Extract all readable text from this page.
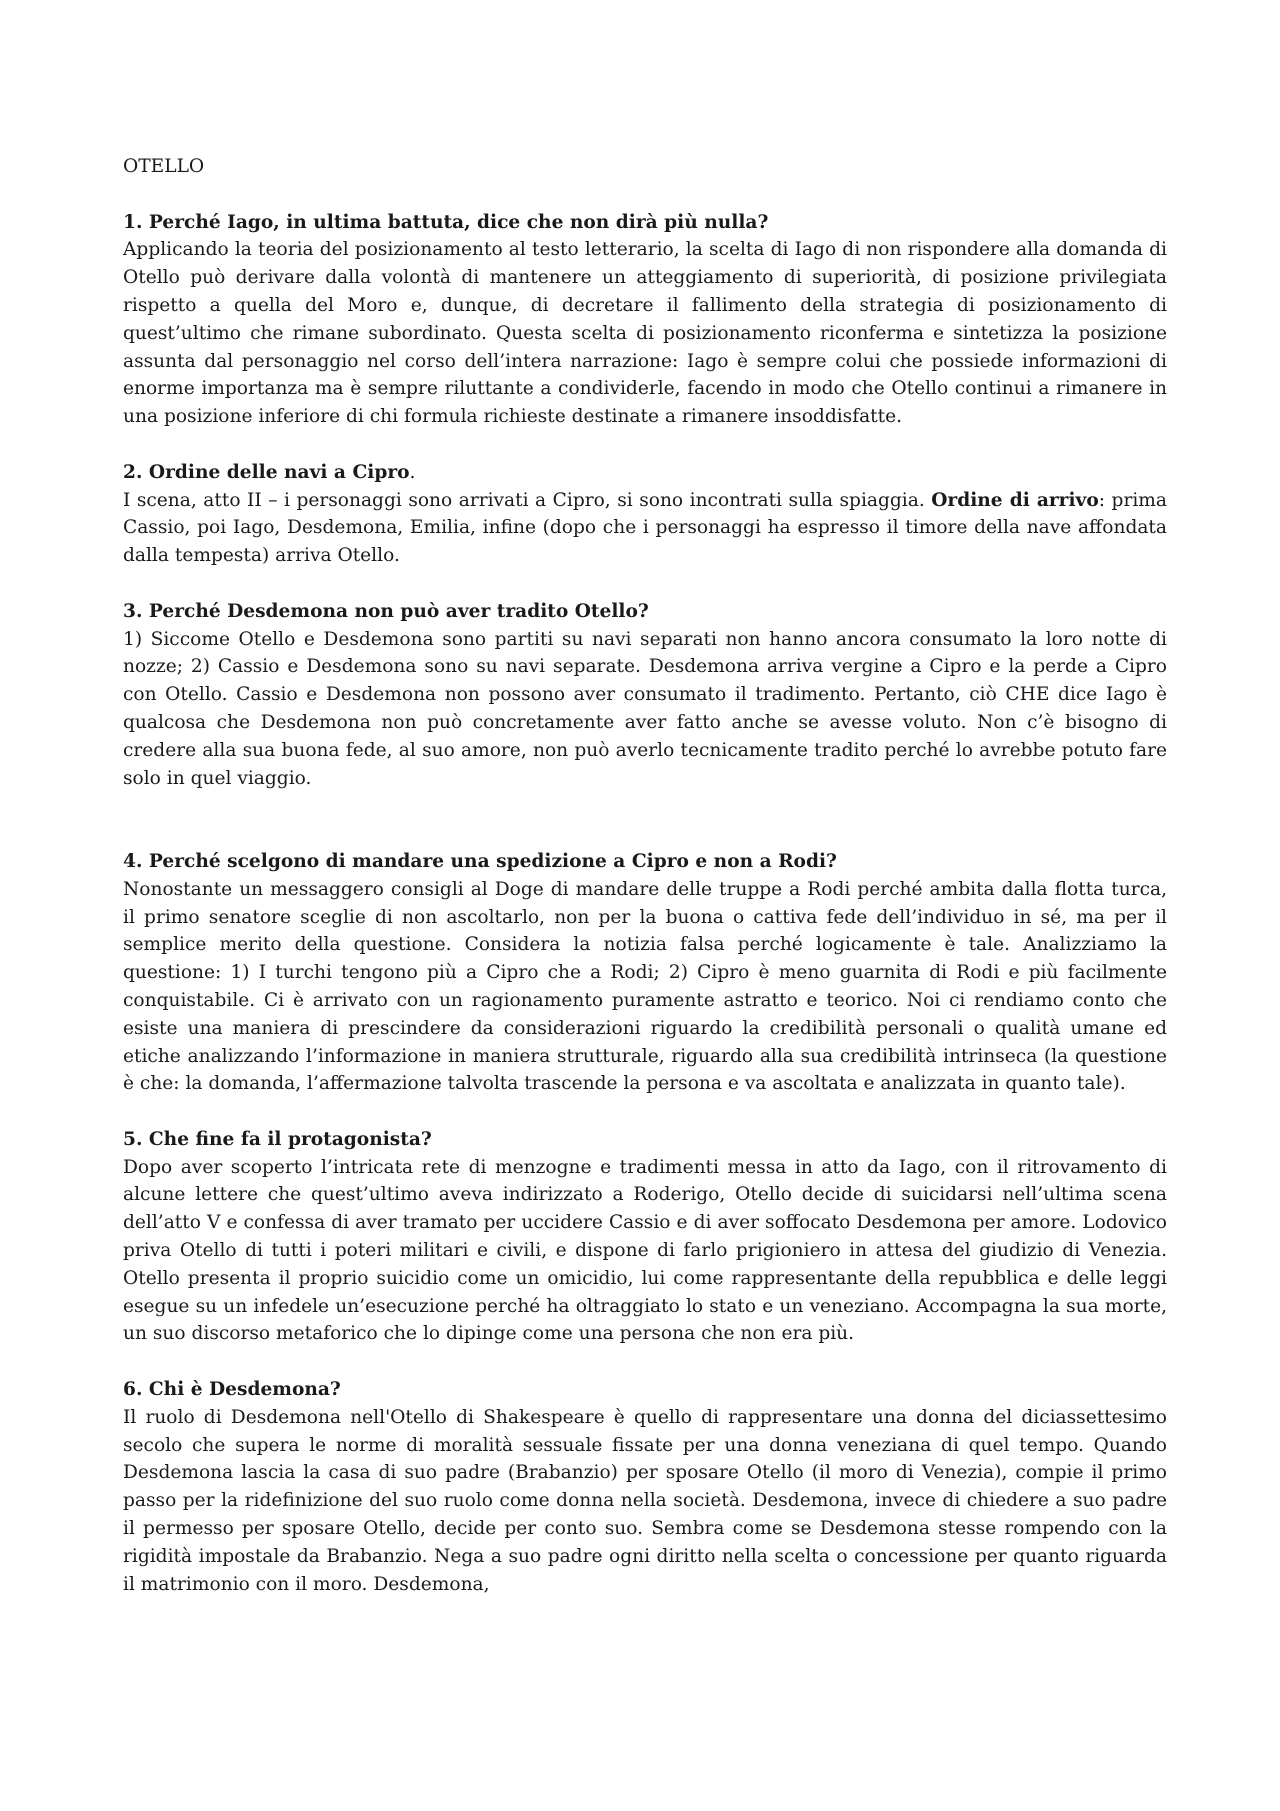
OTELLO

1. Perché Iago, in ultima battuta, dice che non dirà più nulla?

Applicando la teoria del posizionamento al testo letterario, la scelta di Iago di non rispondere alla domanda di Otello può derivare dalla volontà di mantenere un atteggiamento di superiorità, di posizione privilegiata rispetto a quella del Moro e, dunque, di decretare il fallimento della strategia di posizionamento di quest’ultimo che rimane subordinato. Questa scelta di posizionamento riconferma e sintetizza la posizione assunta dal personaggio nel corso dell’intera narrazione: Iago è sempre colui che possiede informazioni di enorme importanza ma è sempre riluttante a condividerle, facendo in modo che Otello continui a rimanere in una posizione inferiore di chi formula richieste destinate a rimanere insoddisfatte.

2. Ordine delle navi a Cipro.

I scena, atto II – i personaggi sono arrivati a Cipro, si sono incontrati sulla spiaggia. Ordine di arrivo: prima Cassio, poi Iago, Desdemona, Emilia, infine (dopo che i personaggi ha espresso il timore della nave affondata dalla tempesta) arriva Otello.

3. Perché Desdemona non può aver tradito Otello?

1) Siccome Otello e Desdemona sono partiti su navi separati non hanno ancora consumato la loro notte di nozze; 2) Cassio e Desdemona sono su navi separate. Desdemona arriva vergine a Cipro e la perde a Cipro con Otello. Cassio e Desdemona non possono aver consumato il tradimento. Pertanto, ciò CHE dice Iago è qualcosa che Desdemona non può concretamente aver fatto anche se avesse voluto. Non c’è bisogno di credere alla sua buona fede, al suo amore, non può averlo tecnicamente tradito perché lo avrebbe potuto fare solo in quel viaggio.

4. Perché scelgono di mandare una spedizione a Cipro e non a Rodi?

Nonostante un messaggero consigli al Doge di mandare delle truppe a Rodi perché ambita dalla flotta turca, il primo senatore sceglie di non ascoltarlo, non per la buona o cattiva fede dell’individuo in sé, ma per il semplice merito della questione. Considera la notizia falsa perché logicamente è tale. Analizziamo la questione: 1) I turchi tengono più a Cipro che a Rodi; 2) Cipro è meno guarnita di Rodi e più facilmente conquistabile. Ci è arrivato con un ragionamento puramente astratto e teorico. Noi ci rendiamo conto che esiste una maniera di prescindere da considerazioni riguardo la credibilità personali o qualità umane ed etiche analizzando l’informazione in maniera strutturale, riguardo alla sua credibilità intrinseca (la questione è che: la domanda, l’affermazione talvolta trascende la persona e va ascoltata e analizzata in quanto tale).

5. Che fine fa il protagonista?

Dopo aver scoperto l’intricata rete di menzogne e tradimenti messa in atto da Iago, con il ritrovamento di alcune lettere che quest’ultimo aveva indirizzato a Roderigo, Otello decide di suicidarsi nell’ultima scena dell’atto V e confessa di aver tramato per uccidere Cassio e di aver soffocato Desdemona per amore. Lodovico priva Otello di tutti i poteri militari e civili, e dispone di farlo prigioniero in attesa del giudizio di Venezia. Otello presenta il proprio suicidio come un omicidio, lui come rappresentante della repubblica e delle leggi esegue su un infedele un’esecuzione perché ha oltraggiato lo stato e un veneziano. Accompagna la sua morte, un suo discorso metaforico che lo dipinge come una persona che non era più.

6. Chi è Desdemona?

Il ruolo di Desdemona nell'Otello di Shakespeare è quello di rappresentare una donna del diciassettesimo secolo che supera le norme di moralità sessuale fissate per una donna veneziana di quel tempo. Quando Desdemona lascia la casa di suo padre (Brabanzio) per sposare Otello (il moro di Venezia), compie il primo passo per la ridefinizione del suo ruolo come donna nella società. Desdemona, invece di chiedere a suo padre il permesso per sposare Otello, decide per conto suo. Sembra come se Desdemona stesse rompendo con la rigidità impostale da Brabanzio. Nega a suo padre ogni diritto nella scelta o concessione per quanto riguarda il matrimonio con il moro. Desdemona,
